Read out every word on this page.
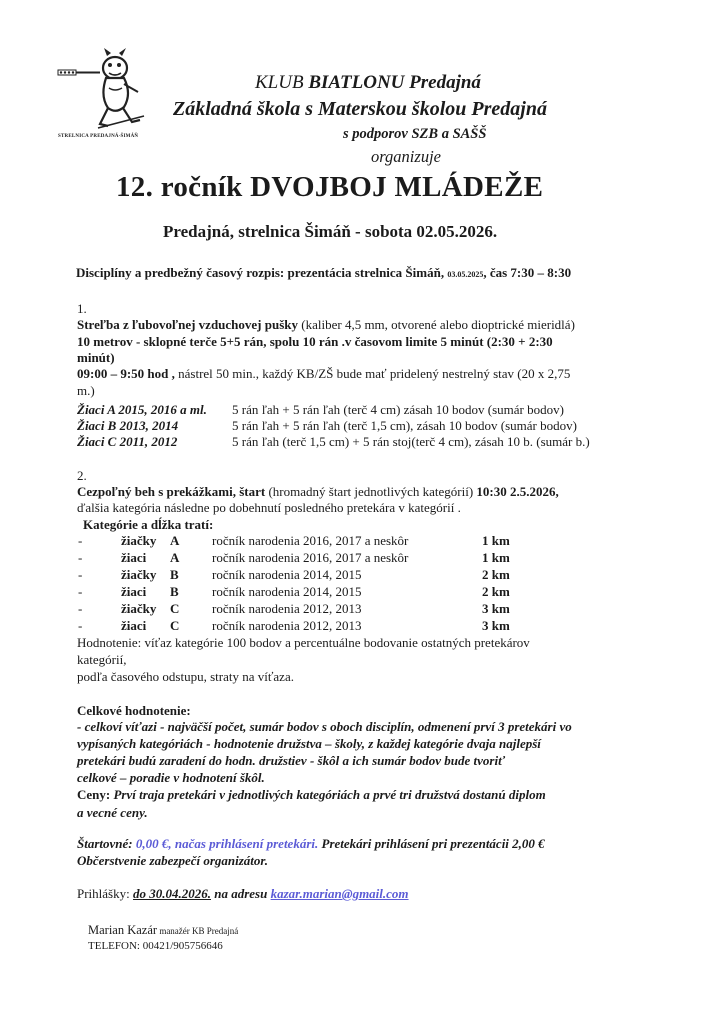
STRELNICA PREDAJNÁ-ŠIMÁŇ
KLUB BIATLONU Predajná
Základná škola s Materskou školou Predajná
s podporov SZB a SAŠŠ
organizuje
12. ročník DVOJBOJ MLÁDEŽE
Predajná, strelnica Šimáň - sobota 02.05.2026.
Disciplíny a predbežný časový rozpis: prezentácia strelnica Šimáň, 03.05.2025, čas 7:30 – 8:30
1.
Streľba z ľubovoľnej vzduchovej pušky (kaliber 4,5 mm, otvorené alebo dioptrické mieridlá)
10 metrov - sklopné terče 5+5 rán, spolu 10 rán .v časovom limite 5 minút (2:30 + 2:30
minút)
09:00 – 9:50 hod , nástrel 50 min., každý KB/ZŠ bude mať pridelený nestrelný stav (20 x 2,75
m.)
Žiaci A 2015, 2016 a ml. 5 rán ľah + 5 rán ľah (terč 4 cm) zásah 10 bodov (sumár bodov)
Žiaci B 2013, 2014	5 rán ľah + 5 rán ľah (terč 1,5 cm), zásah 10 bodov (sumár bodov)
Žiaci C 2011, 2012	5 rán ľah (terč 1,5 cm) + 5 rán stoj(terč 4 cm), zásah 10 b. (sumár b.)
2.
Cezpoľný beh s prekážkami, štart (hromadný štart jednotlivých kategórií) 10:30 2.5.2026,
ďalšia kategória následne po dobehnutí posledného pretekára v kategórií .
Kategórie a dĺžka tratí:
-	žiačky A	ročník narodenia 2016, 2017 a neskôr	1 km
-	žiaci A	ročník narodenia 2016, 2017 a neskôr	1 km
-	žiačky B	ročník narodenia 2014, 2015	2 km
-	žiaci B	ročník narodenia 2014, 2015	2 km
-	žiačky C	ročník narodenia 2012, 2013	3 km
-	žiaci C	ročník narodenia 2012, 2013	3 km
Hodnotenie: víťaz kategórie 100 bodov a percentuálne bodovanie ostatných pretekárov
kategórií,
podľa časového odstupu, straty na víťaza.
Celkové hodnotenie:
- celkoví víťazi - najväčší počet, sumár bodov s oboch disciplín, odmenení prví 3 pretekári vo
vypísaných kategóriách - hodnotenie družstva – školy, z každej kategórie dvaja najlepší
pretekári budú zaradení do hodn. družstiev - škôl a ich sumár bodov bude tvoriť
celkové – poradie v hodnotení škôl.
Ceny: Prví traja pretekári v jednotlivých kategóriách a prvé tri družstvá dostanú diplom
a vecné ceny.
Štartovné: 0,00 €, načas prihlásení pretekári. Pretekári prihlásení pri prezentácii 2,00 €
Občerstvenie zabezpečí organizátor.
Prihlášky: do 30.04.2026. na adresu kazar.marian@gmail.com
Marian Kazár manažér KB Predajná
TELEFON: 00421/905756646
